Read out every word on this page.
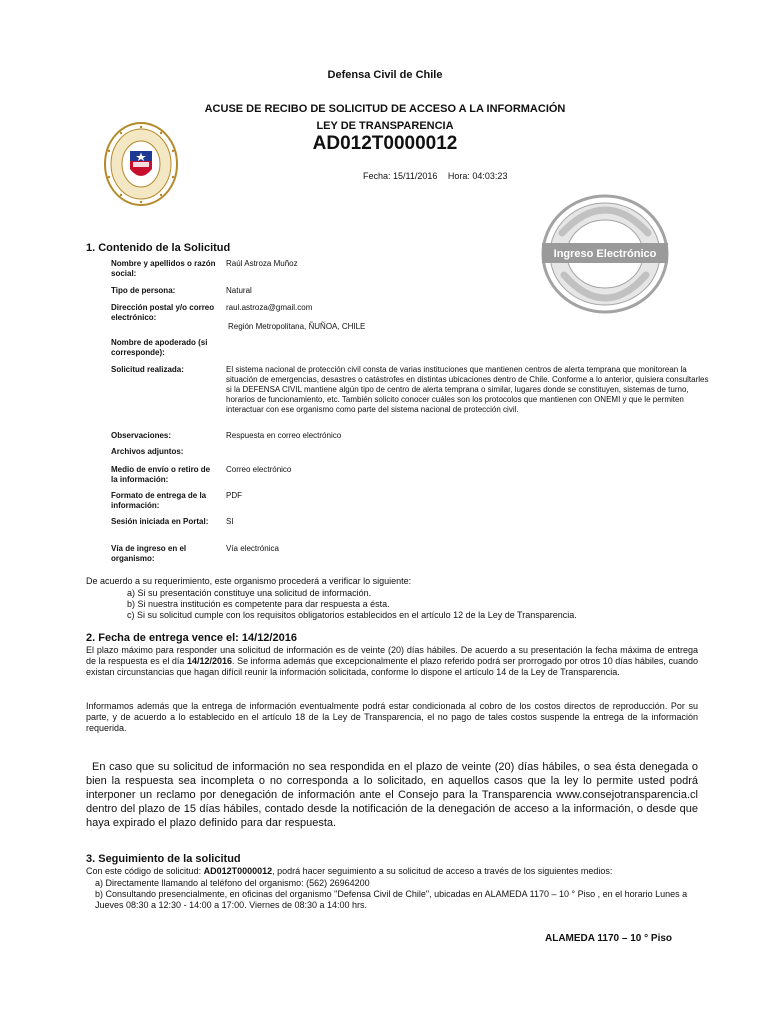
Defensa Civil de Chile
ACUSE DE RECIBO DE SOLICITUD DE ACCESO A LA INFORMACIÓN
LEY DE TRANSPARENCIA
AD012T0000012
Fecha: 15/11/2016 Hora: 04:03:23
Ingreso Electrónico
1. Contenido de la Solicitud
Nombre y apellidos o razón social:
Raúl Astroza Muñoz
Tipo de persona:	Natural
Dirección postal y/o correo electrónico:
raul.astroza@gmail.com
Región Metropolitana, ÑUÑOA, CHILE
Nombre de apoderado (si corresponde):
Solicitud realizada:	El sistema nacional de protección civil consta de varias instituciones que mantienen centros de alerta temprana que monitorean la situación de emergencias, desastres o catástrofes en distintas ubicaciones dentro de Chile. Conforme a lo anterior, quisiera consultarles si la DEFENSA CIVIL mantiene algún tipo de centro de alerta temprana o similar, lugares donde se constituyen, sistemas de turno, horarios de funcionamiento, etc. También solicito conocer cuáles son los protocolos que mantienen con ONEMI y que le permiten interactuar con ese organismo como parte del sistema nacional de protección civil.
Observaciones:	Respuesta en correo electrónico
Archivos adjuntos:
Medio de envío o retiro de la información:
Correo electrónico
Formato de entrega de la información:
PDF
Sesión iniciada en Portal:	SI
Vía de ingreso en el organismo:
Vía electrónica
De acuerdo a su requerimiento, este organismo procederá a verificar lo siguiente:
a) Si su presentación constituye una solicitud de información.
b) Si nuestra institución es competente para dar respuesta a ésta.
c) Si su solicitud cumple con los requisitos obligatorios establecidos en el artículo 12 de la Ley de Transparencia.
2. Fecha de entrega vence el: 14/12/2016
El plazo máximo para responder una solicitud de información es de veinte (20) días hábiles. De acuerdo a su presentación la fecha máxima de entrega de la respuesta es el día 14/12/2016. Se informa además que excepcionalmente el plazo referido podrá ser prorrogado por otros 10 días hábiles, cuando existan circunstancias que hagan difícil reunir la información solicitada, conforme lo dispone el artículo 14 de la Ley de Transparencia.
Informamos además que la entrega de información eventualmente podrá estar condicionada al cobro de los costos directos de reproducción. Por su parte, y de acuerdo a lo establecido en el artículo 18 de la Ley de Transparencia, el no pago de tales costos suspende la entrega de la información requerida.
En caso que su solicitud de información no sea respondida en el plazo de veinte (20) días hábiles, o sea ésta denegada o bien la respuesta sea incompleta o no corresponda a lo solicitado, en aquellos casos que la ley lo permite usted podrá interponer un reclamo por denegación de información ante el Consejo para la Transparencia www.consejotransparencia.cl dentro del plazo de 15 días hábiles, contado desde la notificación de la denegación de acceso a la información, o desde que haya expirado el plazo definido para dar respuesta.
3. Seguimiento de la solicitud
Con este código de solicitud: AD012T0000012, podrá hacer seguimiento a su solicitud de acceso a través de los siguientes medios:
a) Directamente llamando al teléfono del organismo: (562) 26964200
b) Consultando presencialmente, en oficinas del organismo "Defensa Civil de Chile", ubicadas en ALAMEDA 1170 – 10 ° Piso , en el horario Lunes a Jueves 08:30 a 12:30 - 14:00 a 17:00. Viernes de 08:30 a 14:00 hrs.
ALAMEDA 1170 – 10 ° Piso
